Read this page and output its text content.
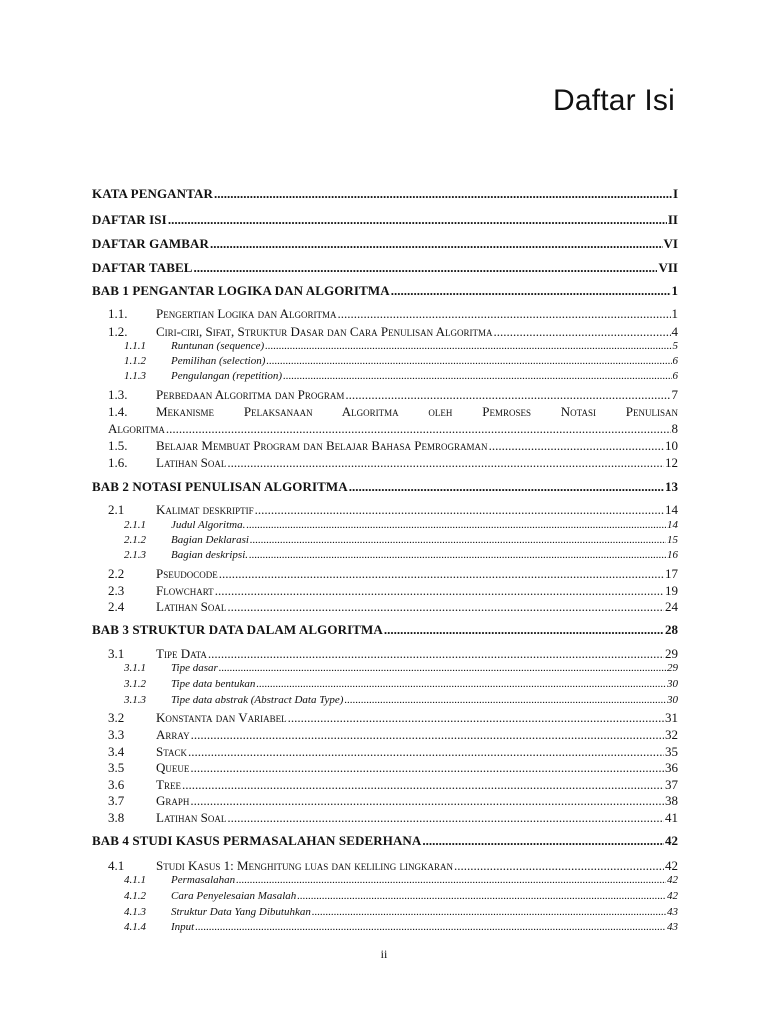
Daftar Isi
KATA PENGANTAR .....	I
DAFTAR ISI .....	II
DAFTAR GAMBAR .....	VI
DAFTAR TABEL .....	VII
BAB 1 PENGANTAR LOGIKA DAN ALGORITMA .....	1
1.1.	Pengertian Logika dan Algoritma .....	1
1.2.	Ciri-ciri, Sifat, Struktur Dasar dan Cara Penulisan Algoritma .....	4
1.1.1	Runtunan (sequence) .....	5
1.1.2	Pemilihan (selection) .....	6
1.1.3	Pengulangan (repetition) .....	6
1.3.	Perbedaan Algoritma dan Program .....	7
1.4.	Mekanisme Pelaksanaan Algoritma oleh Pemroses Notasi Penulisan
Algoritma .....	8
1.5.	Belajar Membuat Program dan Belajar Bahasa Pemrograman .....	10
1.6.	Latihan Soal .....	12
BAB 2 NOTASI PENULISAN ALGORITMA .....	13
2.1	Kalimat deskriptif .....	14
2.1.1	Judul Algoritma. .....	14
2.1.2	Bagian Deklarasi .....	15
2.1.3	Bagian deskripsi. .....	16
2.2	Pseudocode .....	17
2.3	Flowchart .....	19
2.4	Latihan Soal .....	24
BAB 3 STRUKTUR DATA DALAM ALGORITMA .....	28
3.1	Tipe Data .....	29
3.1.1	Tipe dasar .....	29
3.1.2	Tipe data bentukan .....	30
3.1.3	Tipe data abstrak (Abstract Data Type) .....	30
3.2	Konstanta dan Variabel .....	31
3.3	Array .....	32
3.4	Stack .....	35
3.5	Queue .....	36
3.6	Tree .....	37
3.7	Graph .....	38
3.8	Latihan Soal .....	41
BAB 4 STUDI KASUS PERMASALAHAN SEDERHANA .....	42
4.1	Studi Kasus 1: Menghitung luas dan keliling lingkaran .....	42
4.1.1	Permasalahan .....	42
4.1.2	Cara Penyelesaian Masalah .....	42
4.1.3	Struktur Data Yang Dibutuhkan .....	43
4.1.4	Input .....	43
ii
